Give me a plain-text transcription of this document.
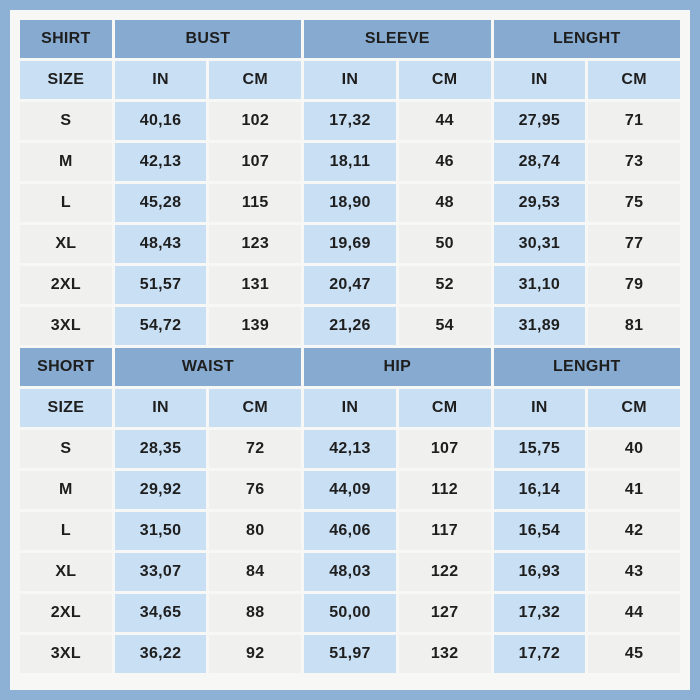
SHIRT	BUST		SLEEVE		LENGHT	
SIZE	IN	CM	IN	CM	IN	CM
S	40,16	102	17,32	44	27,95	71
M	42,13	107	18,11	46	28,74	73
L	45,28	115	18,90	48	29,53	75
XL	48,43	123	19,69	50	30,31	77
2XL	51,57	131	20,47	52	31,10	79
3XL	54,72	139	21,26	54	31,89	81
SHORT	WAIST		HIP		LENGHT	
SIZE	IN	CM	IN	CM	IN	CM
S	28,35	72	42,13	107	15,75	40
M	29,92	76	44,09	112	16,14	41
L	31,50	80	46,06	117	16,54	42
XL	33,07	84	48,03	122	16,93	43
2XL	34,65	88	50,00	127	17,32	44
3XL	36,22	92	51,97	132	17,72	45
